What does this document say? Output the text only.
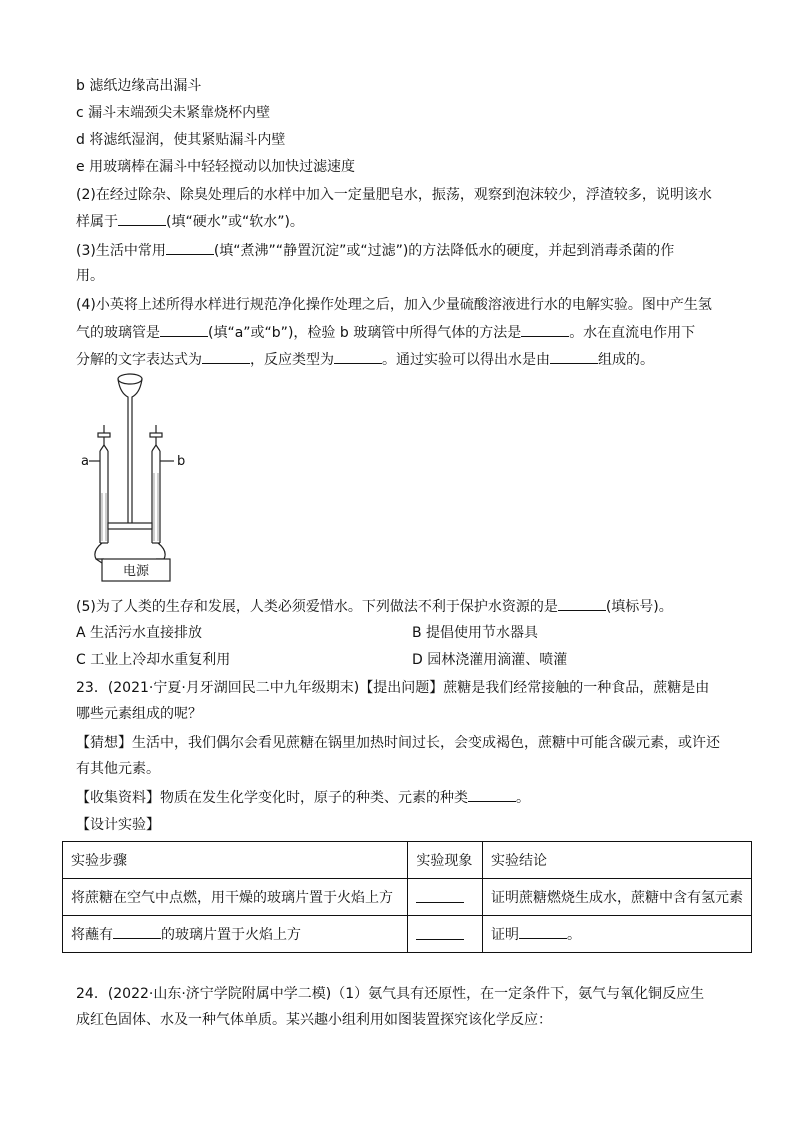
b 滤纸边缘高出漏斗
c 漏斗末端颈尖未紧靠烧杯内壁
d 将滤纸湿润，使其紧贴漏斗内壁
e 用玻璃棒在漏斗中轻轻搅动以加快过滤速度
(2)在经过除杂、除臭处理后的水样中加入一定量肥皂水，振荡，观察到泡沫较少，浮渣较多，说明该水
样属于	(填“硬水”或“软水”)。
(3)生活中常用	(填“煮沸”“静置沉淀”或“过滤”)的方法降低水的硬度，并起到消毒杀菌的作
用。
(4)小英将上述所得水样进行规范净化操作处理之后，加入少量硫酸溶液进行水的电解实验。图中产生氢
气的玻璃管是	(填“a”或“b”)，检验 b 玻璃管中所得气体的方法是	。水在直流电作用下
分解的文字表达式为	，反应类型为	。通过实验可以得出水是由	组成的。
a	b
电源
(5)为了人类的生存和发展，人类必须爱惜水。下列做法不利于保护水资源的是	(填标号)。
A 生活污水直接排放	B 提倡使用节水器具
C 工业上冷却水重复利用	D 园林浇灌用滴灌、喷灌
23．(2021·宁夏·月牙湖回民二中九年级期末)【提出问题】蔗糖是我们经常接触的一种食品，蔗糖是由
哪些元素组成的呢？
【猜想】生活中，我们偶尔会看见蔗糖在锅里加热时间过长，会变成褐色，蔗糖中可能含碳元素，或许还
有其他元素。
【收集资料】物质在发生化学变化时，原子的种类、元素的种类	。
【设计实验】
实验步骤	实验现象	实验结论
将蔗糖在空气中点燃，用干燥的玻璃片置于火焰上方		证明蔗糖燃烧生成水，蔗糖中含有氢元素
将蘸有 的玻璃片置于火焰上方		证明 。
24．(2022·山东·济宁学院附属中学二模)（1）氨气具有还原性，在一定条件下，氨气与氧化铜反应生
成红色固体、水及一种气体单质。某兴趣小组利用如图装置探究该化学反应：
